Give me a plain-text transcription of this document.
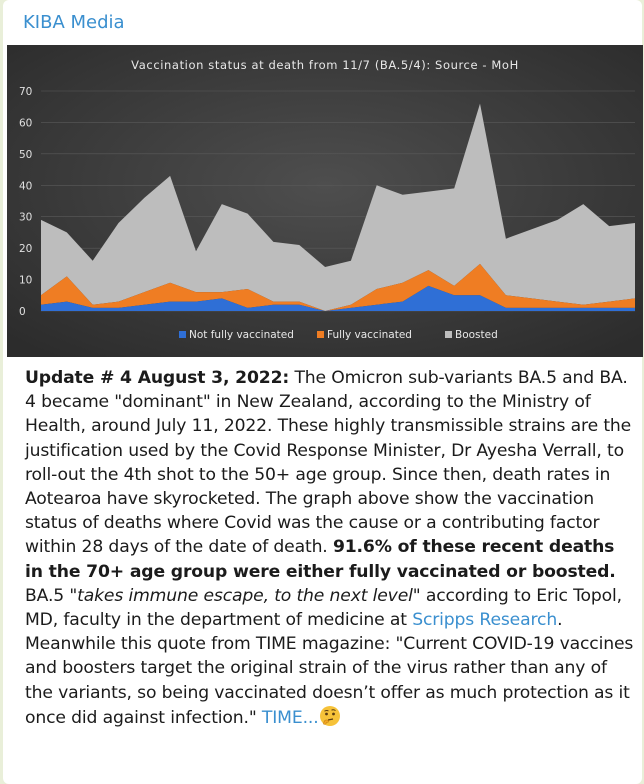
KIBA Media
Vaccination status at death from 11/7 (BA.5/4): Source - MoH
0
10
20
30
40
50
60
70
Not fully vaccinated	Fully vaccinated	Boosted
Update # 4 August 3, 2022: The Omicron sub-variants BA.5 and BA. 4 became "dominant" in New Zealand, according to the Ministry of Health, around July 11, 2022. These highly transmissible strains are the justification used by the Covid Response Minister, Dr Ayesha Verrall, to roll-out the 4th shot to the 50+ age group. Since then, death rates in Aotearoa have skyrocketed. The graph above show the vaccination status of deaths where Covid was the cause or a contributing factor within 28 days of the date of death. 91.6% of these recent deaths in the 70+ age group were either fully vaccinated or boosted. BA.5 "takes immune escape, to the next level" according to Eric Topol, MD, faculty in the department of medicine at Scripps Research. Meanwhile this quote from TIME magazine: "Current COVID-19 vaccines and boosters target the original strain of the virus rather than any of the variants, so being vaccinated doesn’t offer as much protection as it once did against infection." TIME...
